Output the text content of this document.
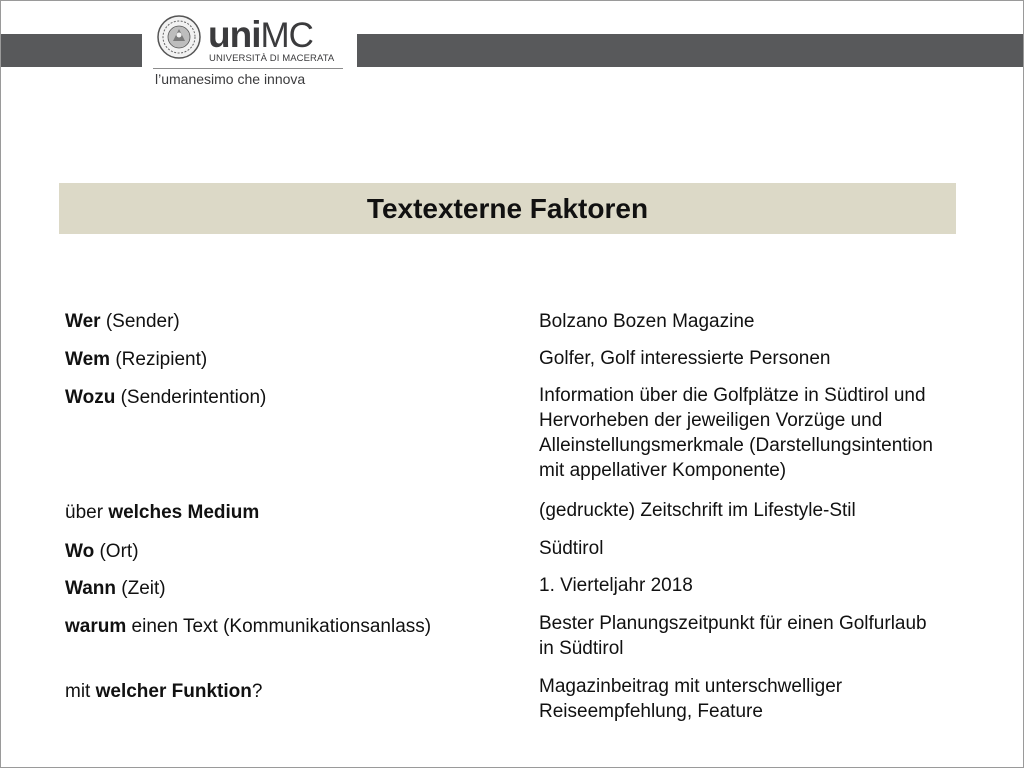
uni MC
UNIVERSITÀ DI MACERATA
l’umanesimo che innova
Textexterne Faktoren
Wer (Sender)	Bolzano Bozen Magazine
Wem (Rezipient)	Golfer, Golf interessierte Personen
Wozu (Senderintention)	Information über die Golfplätze in Südtirol und
Hervorheben der jeweiligen Vorzüge und
Alleinstellungsmerkmale (Darstellungsintention
mit appellativer Komponente)
über welches Medium	(gedruckte) Zeitschrift im Lifestyle-Stil
Wo (Ort)	Südtirol
Wann (Zeit)	1. Vierteljahr 2018
warum einen Text (Kommunikationsanlass)	Bester Planungszeitpunkt für einen Golfurlaub
in Südtirol
mit welcher Funktion?	Magazinbeitrag mit unterschwelliger
Reiseempfehlung, Feature
